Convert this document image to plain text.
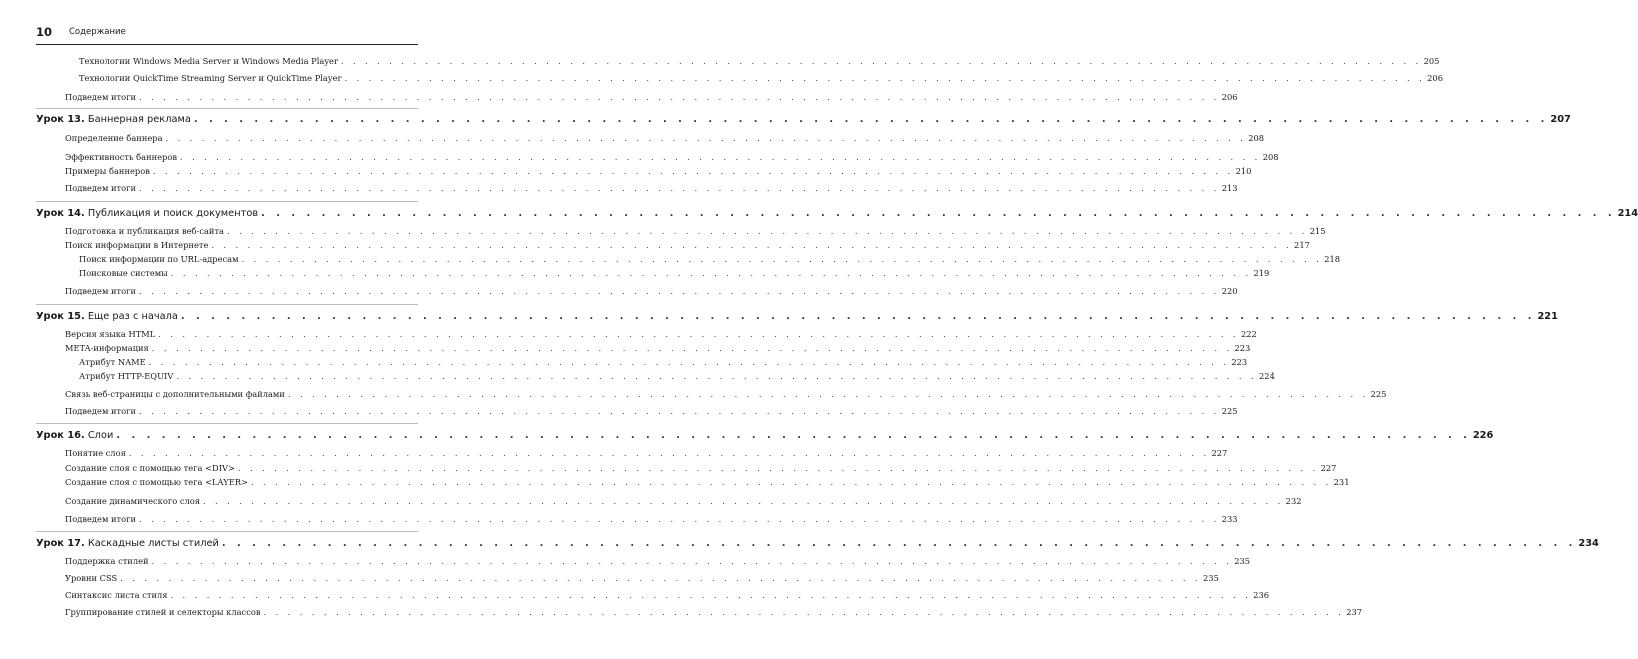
10 Содержание
Технологии Windows Media Server и Windows Media Player . . . . . . . . . . . . . . . . . . . . . . . . . . . . . . . . . . . . . . . . . . . . . . . . . . . . . . . . . . . . . . . . . . . . . . . . . . . . . . . . . . . . . . . . . . 205
Технологии QuickTime Streaming Server и QuickTime Player . . . . . . . . . . . . . . . . . . . . . . . . . . . . . . . . . . . . . . . . . . . . . . . . . . . . . . . . . . . . . . . . . . . . . . . . . . . . . . . . . . . . . . . . . . 206
Подведем итоги . . . . . . . . . . . . . . . . . . . . . . . . . . . . . . . . . . . . . . . . . . . . . . . . . . . . . . . . . . . . . . . . . . . . . . . . . . . . . . . . . . . . . . . . . . 206
Урок 13. Баннерная реклама . . . . . . . . . . . . . . . . . . . . . . . . . . . . . . . . . . . . . . . . . . . . . . . . . . . . . . . . . . . . . . . . . . . . . . . . . . . . . . . . . . . . . . . . . . 207
Определение баннера . . . . . . . . . . . . . . . . . . . . . . . . . . . . . . . . . . . . . . . . . . . . . . . . . . . . . . . . . . . . . . . . . . . . . . . . . . . . . . . . . . . . . . . . . . 208
Эффективность баннеров . . . . . . . . . . . . . . . . . . . . . . . . . . . . . . . . . . . . . . . . . . . . . . . . . . . . . . . . . . . . . . . . . . . . . . . . . . . . . . . . . . . . . . . . . . 208
Примеры баннеров . . . . . . . . . . . . . . . . . . . . . . . . . . . . . . . . . . . . . . . . . . . . . . . . . . . . . . . . . . . . . . . . . . . . . . . . . . . . . . . . . . . . . . . . . . 210
Подведем итоги . . . . . . . . . . . . . . . . . . . . . . . . . . . . . . . . . . . . . . . . . . . . . . . . . . . . . . . . . . . . . . . . . . . . . . . . . . . . . . . . . . . . . . . . . . 213
Урок 14. Публикация и поиск документов . . . . . . . . . . . . . . . . . . . . . . . . . . . . . . . . . . . . . . . . . . . . . . . . . . . . . . . . . . . . . . . . . . . . . . . . . . . . . . . . . . . . . . . . . . 214
Подготовка и публикация веб-сайта . . . . . . . . . . . . . . . . . . . . . . . . . . . . . . . . . . . . . . . . . . . . . . . . . . . . . . . . . . . . . . . . . . . . . . . . . . . . . . . . . . . . . . . . . . 215
Поиск информации в Интернете . . . . . . . . . . . . . . . . . . . . . . . . . . . . . . . . . . . . . . . . . . . . . . . . . . . . . . . . . . . . . . . . . . . . . . . . . . . . . . . . . . . . . . . . . . 217
Поиск информации по URL-адресам . . . . . . . . . . . . . . . . . . . . . . . . . . . . . . . . . . . . . . . . . . . . . . . . . . . . . . . . . . . . . . . . . . . . . . . . . . . . . . . . . . . . . . . . . . 218
Поисковые системы . . . . . . . . . . . . . . . . . . . . . . . . . . . . . . . . . . . . . . . . . . . . . . . . . . . . . . . . . . . . . . . . . . . . . . . . . . . . . . . . . . . . . . . . . . 219
Подведем итоги . . . . . . . . . . . . . . . . . . . . . . . . . . . . . . . . . . . . . . . . . . . . . . . . . . . . . . . . . . . . . . . . . . . . . . . . . . . . . . . . . . . . . . . . . . 220
Урок 15. Еще раз с начала . . . . . . . . . . . . . . . . . . . . . . . . . . . . . . . . . . . . . . . . . . . . . . . . . . . . . . . . . . . . . . . . . . . . . . . . . . . . . . . . . . . . . . . . . . 221
Версия языка HTML . . . . . . . . . . . . . . . . . . . . . . . . . . . . . . . . . . . . . . . . . . . . . . . . . . . . . . . . . . . . . . . . . . . . . . . . . . . . . . . . . . . . . . . . . . 222
META-информация . . . . . . . . . . . . . . . . . . . . . . . . . . . . . . . . . . . . . . . . . . . . . . . . . . . . . . . . . . . . . . . . . . . . . . . . . . . . . . . . . . . . . . . . . . 223
Атрибут NAME . . . . . . . . . . . . . . . . . . . . . . . . . . . . . . . . . . . . . . . . . . . . . . . . . . . . . . . . . . . . . . . . . . . . . . . . . . . . . . . . . . . . . . . . . . 223
Атрибут HTTP-EQUIV . . . . . . . . . . . . . . . . . . . . . . . . . . . . . . . . . . . . . . . . . . . . . . . . . . . . . . . . . . . . . . . . . . . . . . . . . . . . . . . . . . . . . . . . . . 224
Связь веб-страницы с дополнительными файлами . . . . . . . . . . . . . . . . . . . . . . . . . . . . . . . . . . . . . . . . . . . . . . . . . . . . . . . . . . . . . . . . . . . . . . . . . . . . . . . . . . . . . . . . . . 225
Подведем итоги . . . . . . . . . . . . . . . . . . . . . . . . . . . . . . . . . . . . . . . . . . . . . . . . . . . . . . . . . . . . . . . . . . . . . . . . . . . . . . . . . . . . . . . . . . 225
Урок 16. Слои . . . . . . . . . . . . . . . . . . . . . . . . . . . . . . . . . . . . . . . . . . . . . . . . . . . . . . . . . . . . . . . . . . . . . . . . . . . . . . . . . . . . . . . . . . 226
Понятие слоя . . . . . . . . . . . . . . . . . . . . . . . . . . . . . . . . . . . . . . . . . . . . . . . . . . . . . . . . . . . . . . . . . . . . . . . . . . . . . . . . . . . . . . . . . . 227
Создание слоя с помощью тега <DIV> . . . . . . . . . . . . . . . . . . . . . . . . . . . . . . . . . . . . . . . . . . . . . . . . . . . . . . . . . . . . . . . . . . . . . . . . . . . . . . . . . . . . . . . . . . 227
Создание слоя с помощью тега <LAYER> . . . . . . . . . . . . . . . . . . . . . . . . . . . . . . . . . . . . . . . . . . . . . . . . . . . . . . . . . . . . . . . . . . . . . . . . . . . . . . . . . . . . . . . . . . 231
Создание динамического слоя . . . . . . . . . . . . . . . . . . . . . . . . . . . . . . . . . . . . . . . . . . . . . . . . . . . . . . . . . . . . . . . . . . . . . . . . . . . . . . . . . . . . . . . . . . 232
Подведем итоги . . . . . . . . . . . . . . . . . . . . . . . . . . . . . . . . . . . . . . . . . . . . . . . . . . . . . . . . . . . . . . . . . . . . . . . . . . . . . . . . . . . . . . . . . . 233
Урок 17. Каскадные листы стилей . . . . . . . . . . . . . . . . . . . . . . . . . . . . . . . . . . . . . . . . . . . . . . . . . . . . . . . . . . . . . . . . . . . . . . . . . . . . . . . . . . . . . . . . . . 234
Поддержка стилей . . . . . . . . . . . . . . . . . . . . . . . . . . . . . . . . . . . . . . . . . . . . . . . . . . . . . . . . . . . . . . . . . . . . . . . . . . . . . . . . . . . . . . . . . . 235
Уровни CSS . . . . . . . . . . . . . . . . . . . . . . . . . . . . . . . . . . . . . . . . . . . . . . . . . . . . . . . . . . . . . . . . . . . . . . . . . . . . . . . . . . . . . . . . . . 235
Синтаксис листа стиля . . . . . . . . . . . . . . . . . . . . . . . . . . . . . . . . . . . . . . . . . . . . . . . . . . . . . . . . . . . . . . . . . . . . . . . . . . . . . . . . . . . . . . . . . . 236
Группирование стилей и селекторы классов . . . . . . . . . . . . . . . . . . . . . . . . . . . . . . . . . . . . . . . . . . . . . . . . . . . . . . . . . . . . . . . . . . . . . . . . . . . . . . . . . . . . . . . . . . 237
